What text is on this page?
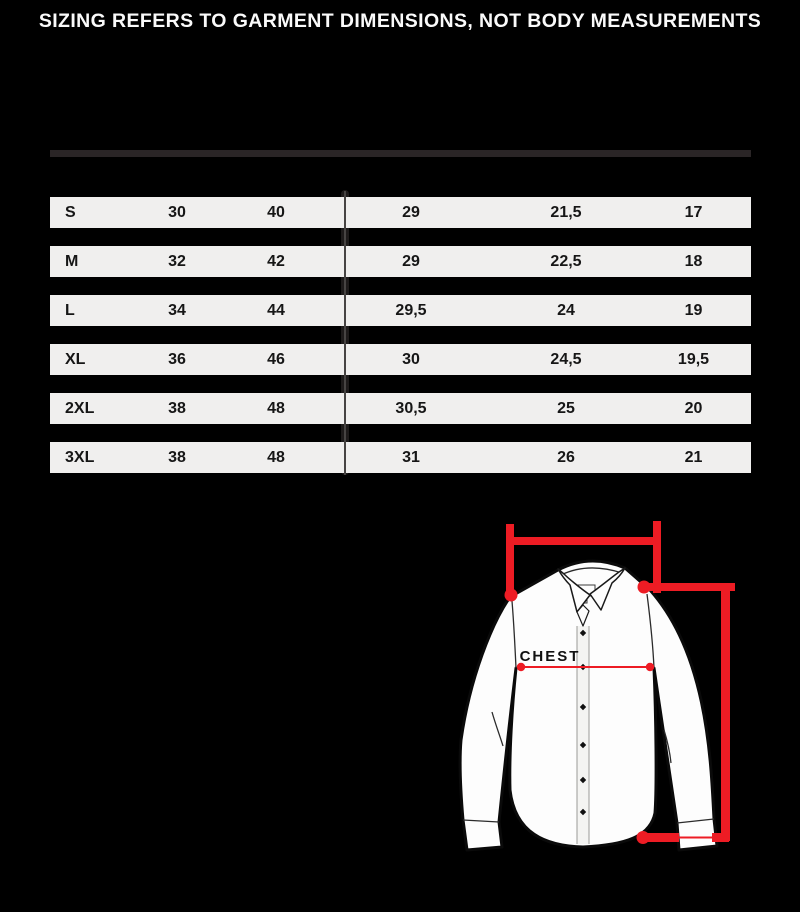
SIZING REFERS TO GARMENT DIMENSIONS, NOT BODY MEASUREMENTS
S	30	40	29	21,5	17
M	32	42	29	22,5	18
L	34	44	29,5	24	19
XL	36	46	30	24,5	19,5
2XL	38	48	30,5	25	20
3XL	38	48	31	26	21
CHEST
